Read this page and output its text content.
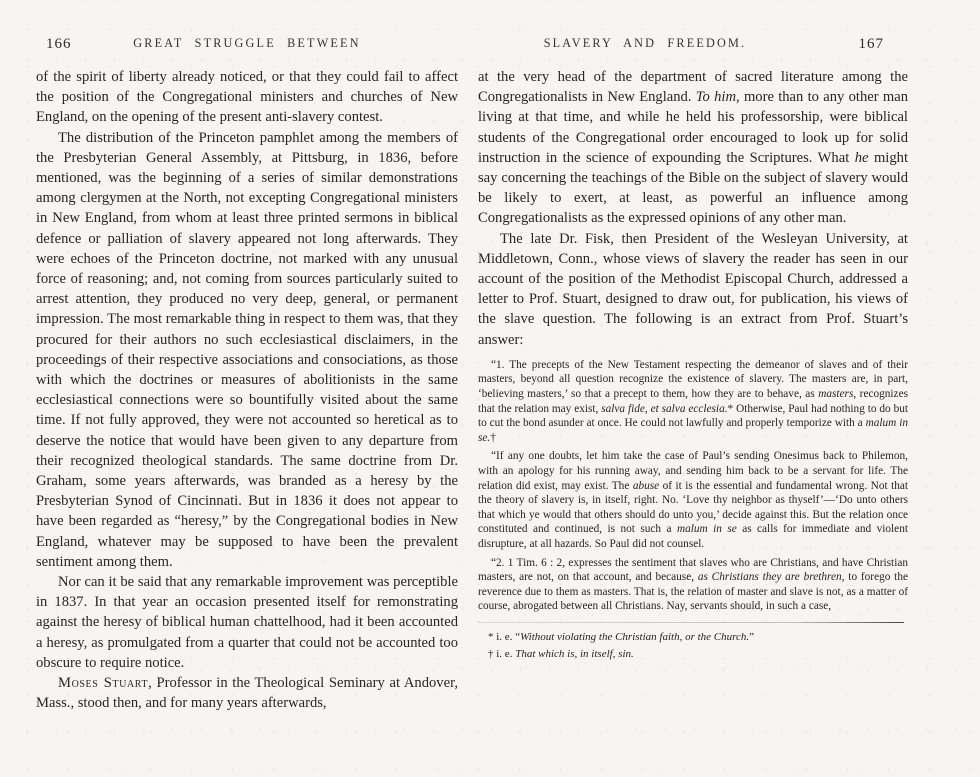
166	GREAT STRUGGLE BETWEEN

of the spirit of liberty already noticed, or that they could fail to affect the position of the Congregational ministers and churches of New England, on the opening of the present anti-slavery contest.

The distribution of the Princeton pamphlet among the members of the Presbyterian General Assembly, at Pittsburg, in 1836, before mentioned, was the beginning of a series of similar demonstrations among clergymen at the North, not excepting Congregational ministers in New England, from whom at least three printed sermons in biblical defence or palliation of slavery appeared not long afterwards. They were echoes of the Princeton doctrine, not marked with any unusual force of reasoning; and, not coming from sources particularly suited to arrest attention, they produced no very deep, general, or permanent impression. The most remarkable thing in respect to them was, that they procured for their authors no such ecclesiastical disclaimers, in the proceedings of their respective associations and consociations, as those with which the doctrines or measures of abolitionists in the same ecclesiastical connections were so bountifully visited about the same time. If not fully approved, they were not accounted so heretical as to deserve the notice that would have been given to any departure from their recognized theological standards. The same doctrine from Dr. Graham, some years afterwards, was branded as a heresy by the Presbyterian Synod of Cincinnati. But in 1836 it does not appear to have been regarded as “heresy,” by the Congregational bodies in New England, whatever may be supposed to have been the prevalent sentiment among them.

Nor can it be said that any remarkable improvement was perceptible in 1837. In that year an occasion presented itself for remonstrating against the heresy of biblical human chattelhood, had it been accounted a heresy, as promulgated from a quarter that could not be accounted too obscure to require notice.

Moses Stuart, Professor in the Theological Seminary at Andover, Mass., stood then, and for many years afterwards,

SLAVERY AND FREEDOM.	167

at the very head of the department of sacred literature among the Congregationalists in New England. To him, more than to any other man living at that time, and while he held his professorship, were biblical students of the Congregational order encouraged to look up for solid instruction in the science of expounding the Scriptures. What he might say concerning the teachings of the Bible on the subject of slavery would be likely to exert, at least, as powerful an influence among Congregationalists as the expressed opinions of any other man.

The late Dr. Fisk, then President of the Wesleyan University, at Middletown, Conn., whose views of slavery the reader has seen in our account of the position of the Methodist Episcopal Church, addressed a letter to Prof. Stuart, designed to draw out, for publication, his views of the slave question. The following is an extract from Prof. Stuart’s answer:

“1. The precepts of the New Testament respecting the demeanor of slaves and of their masters, beyond all question recognize the existence of slavery. The masters are, in part, ‘believing masters,’ so that a precept to them, how they are to behave, as masters, recognizes that the relation may exist, salva fide, et salva ecclesia.* Otherwise, Paul had nothing to do but to cut the bond asunder at once. He could not lawfully and properly temporize with a malum in se.†

“If any one doubts, let him take the case of Paul’s sending Onesimus back to Philemon, with an apology for his running away, and sending him back to be a servant for life. The relation did exist, may exist. The abuse of it is the essential and fundamental wrong. Not that the theory of slavery is, in itself, right. No. ‘Love thy neighbor as thyself’—‘Do unto others that which ye would that others should do unto you,’ decide against this. But the relation once constituted and continued, is not such a malum in se as calls for immediate and violent disrupture, at all hazards. So Paul did not counsel.

“2. 1 Tim. 6 : 2, expresses the sentiment that slaves who are Christians, and have Christian masters, are not, on that account, and because, as Christians they are brethren, to forego the reverence due to them as masters. That is, the relation of master and slave is not, as a matter of course, abrogated between all Christians. Nay, servants should, in such a case,

* i. e. “Without violating the Christian faith, or the Church.”

† i. e. That which is, in itself, sin.
